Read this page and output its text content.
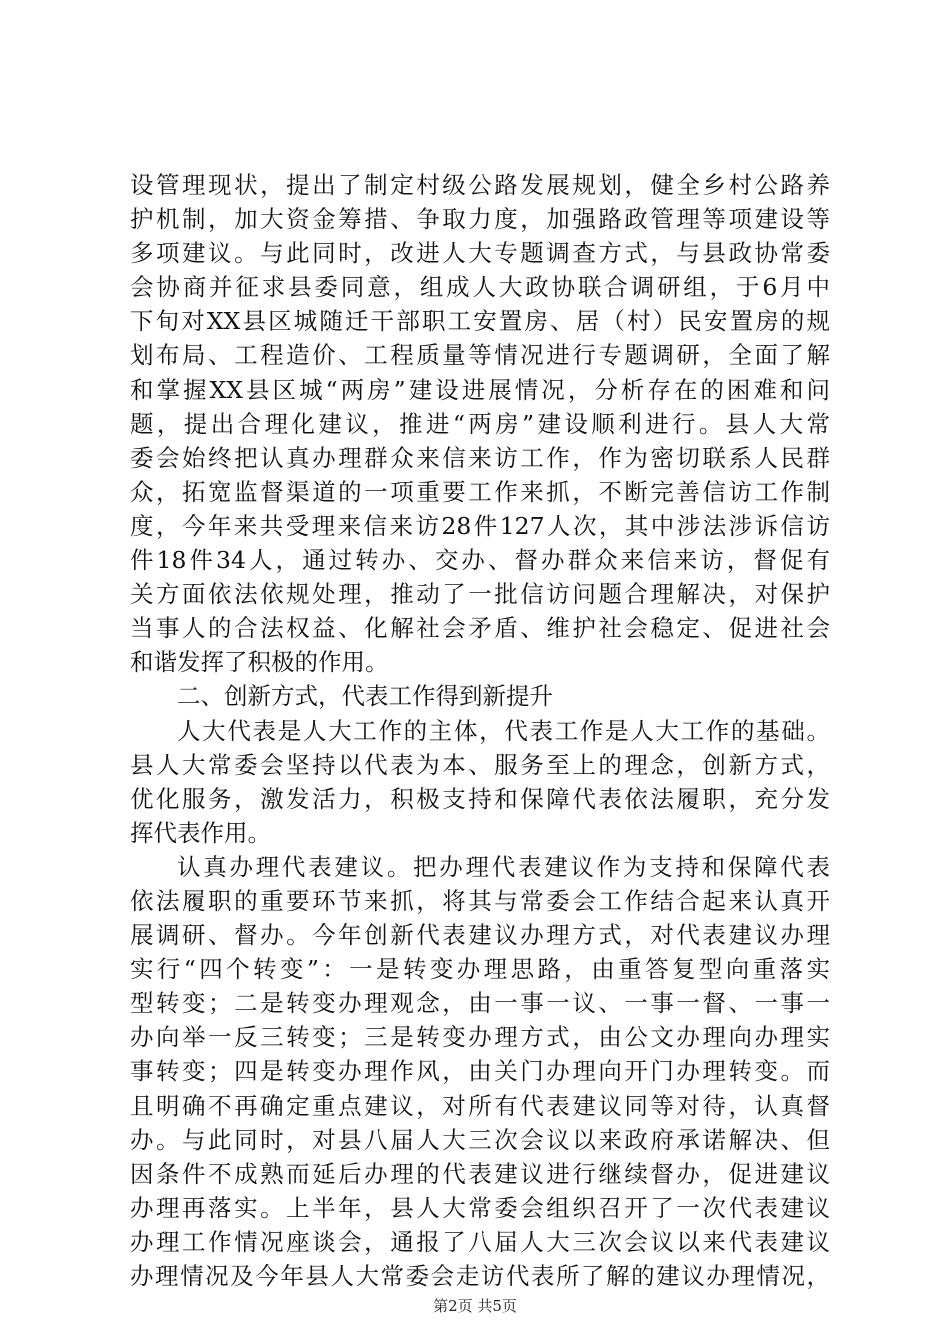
设管理现状，提出了制定村级公路发展规划，健全乡村公路养
护机制，加大资金筹措、争取力度，加强路政管理等项建设等
多项建议。与此同时，改进人大专题调查方式，与县政协常委
会协商并征求县委同意，组成人大政协联合调研组，于6月中
下旬对XX县区城随迁干部职工安置房、居（村）民安置房的规
划布局、工程造价、工程质量等情况进行专题调研，全面了解
和掌握XX县区城“两房”建设进展情况，分析存在的困难和问
题，提出合理化建议，推进“两房”建设顺利进行。县人大常
委会始终把认真办理群众来信来访工作，作为密切联系人民群
众，拓宽监督渠道的一项重要工作来抓，不断完善信访工作制
度，今年来共受理来信来访28件127人次，其中涉法涉诉信访
件18件34人，通过转办、交办、督办群众来信来访，督促有
关方面依法依规处理，推动了一批信访问题合理解决，对保护
当事人的合法权益、化解社会矛盾、维护社会稳定、促进社会
和谐发挥了积极的作用。
二、创新方式，代表工作得到新提升
人大代表是人大工作的主体，代表工作是人大工作的基础。
县人大常委会坚持以代表为本、服务至上的理念，创新方式，
优化服务，激发活力，积极支持和保障代表依法履职，充分发
挥代表作用。
认真办理代表建议。把办理代表建议作为支持和保障代表
依法履职的重要环节来抓，将其与常委会工作结合起来认真开
展调研、督办。今年创新代表建议办理方式，对代表建议办理
实行“四个转变”：一是转变办理思路，由重答复型向重落实
型转变；二是转变办理观念，由一事一议、一事一督、一事一
办向举一反三转变；三是转变办理方式，由公文办理向办理实
事转变；四是转变办理作风，由关门办理向开门办理转变。而
且明确不再确定重点建议，对所有代表建议同等对待，认真督
办。与此同时，对县八届人大三次会议以来政府承诺解决、但
因条件不成熟而延后办理的代表建议进行继续督办，促进建议
办理再落实。上半年，县人大常委会组织召开了一次代表建议
办理工作情况座谈会，通报了八届人大三次会议以来代表建议
办理情况及今年县人大常委会走访代表所了解的建议办理情况，
第2页 共5页
